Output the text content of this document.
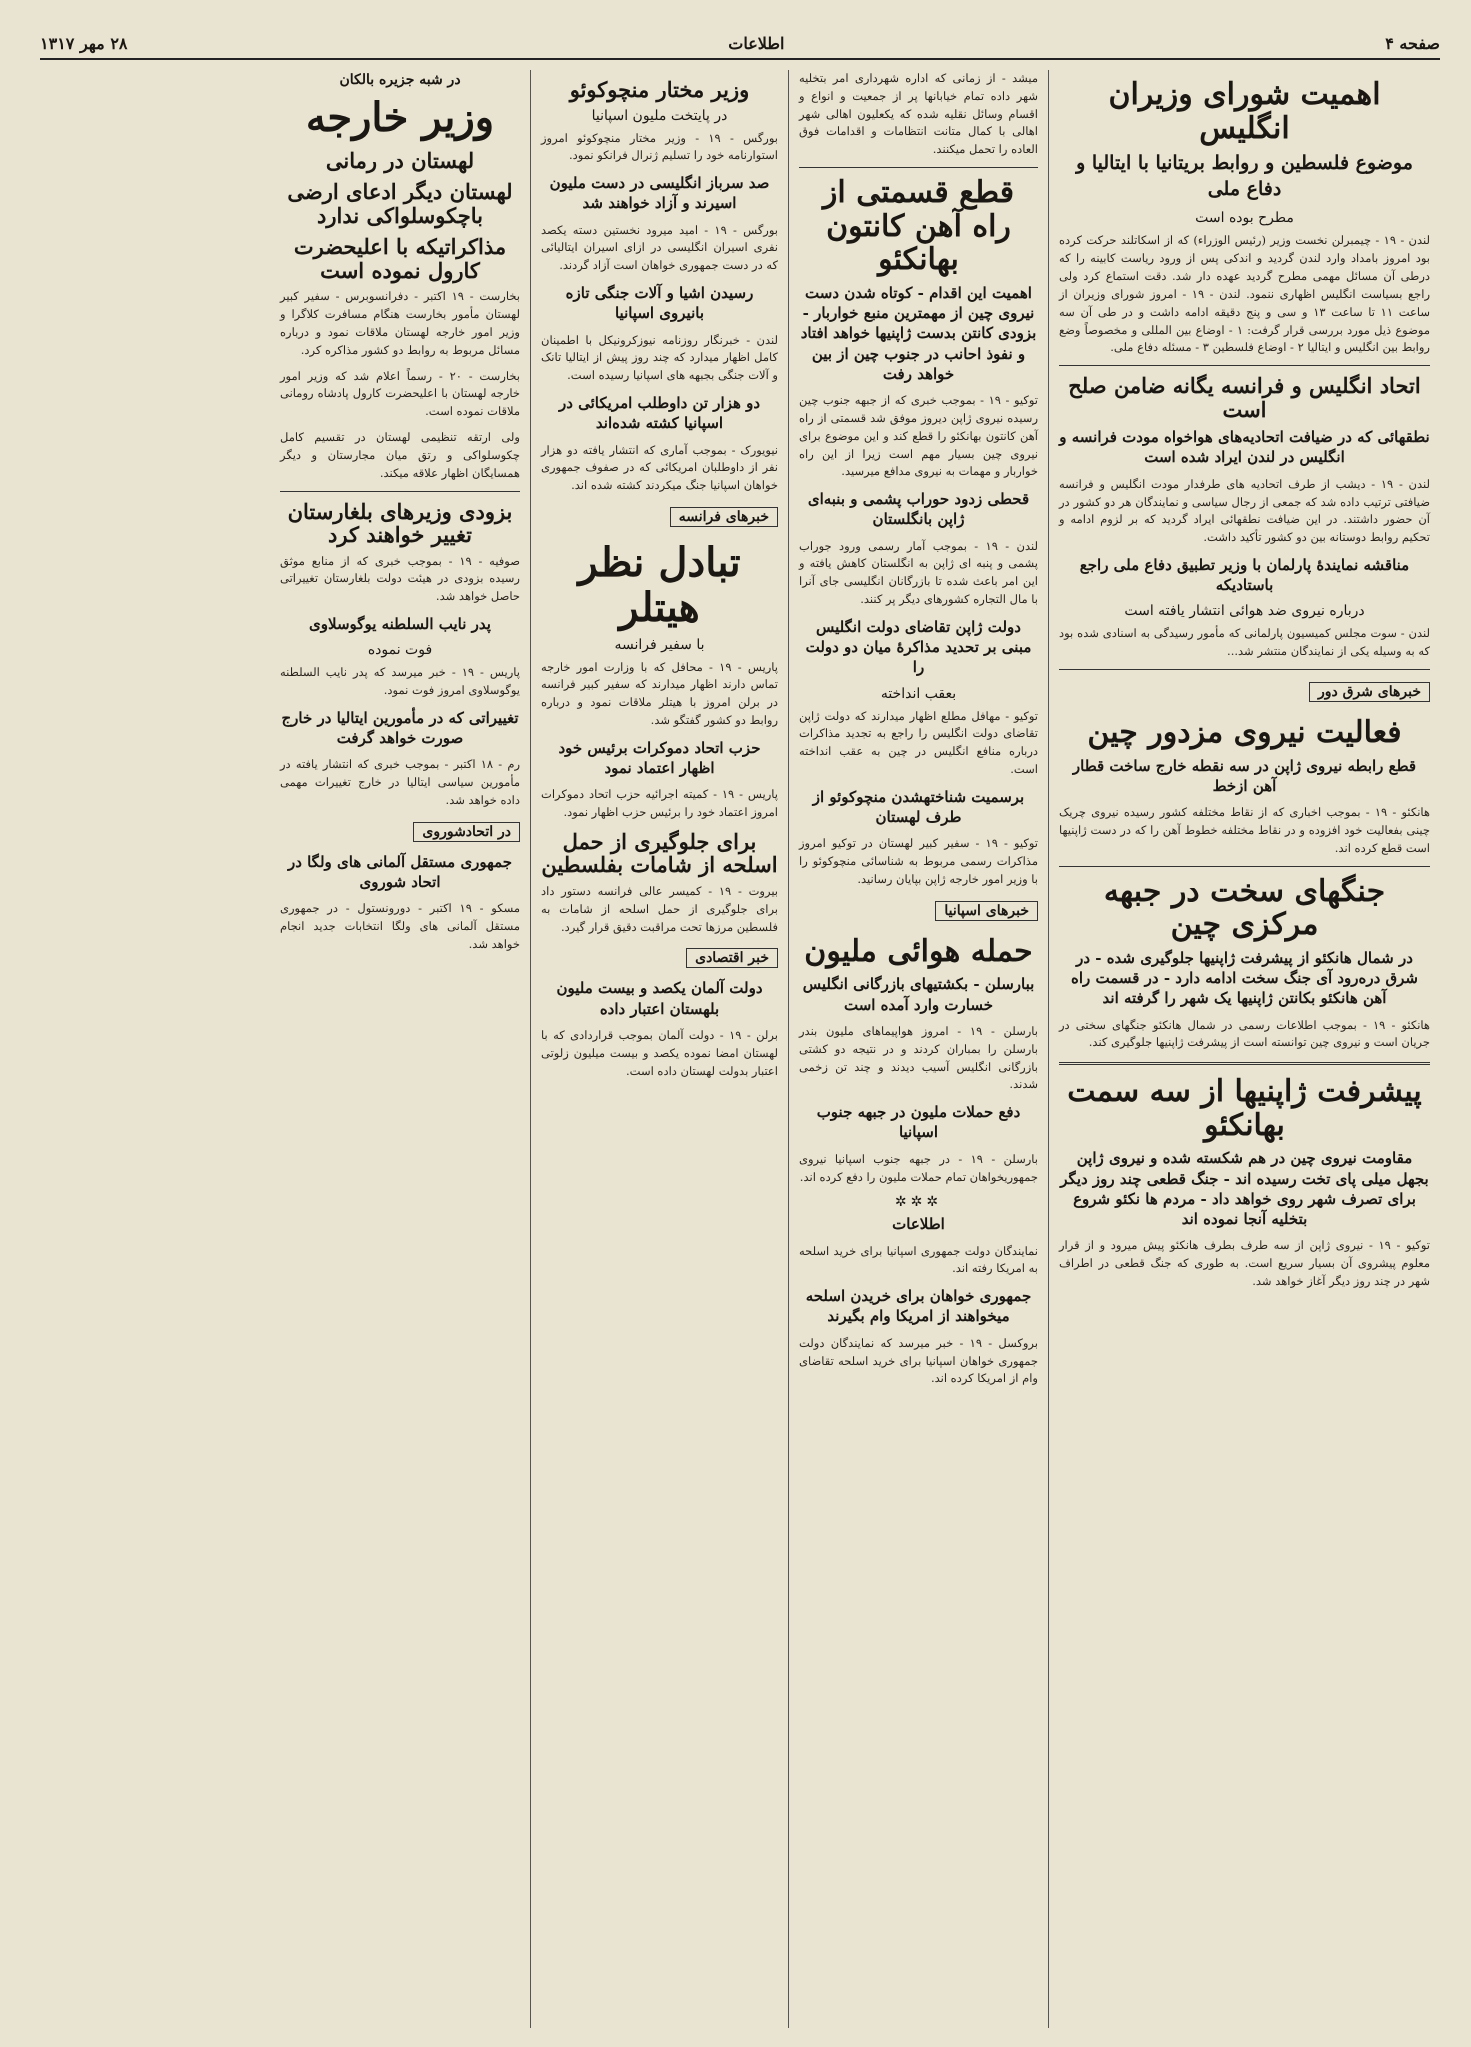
صفحه ۴
اطلاعات
۲۸ مهر ۱۳۱۷
اهمیت شورای وزیران انگلیس
موضوع فلسطین و روابط بریتانیا با ایتالیا و دفاع ملی
مطرح بوده است

لندن - ۱۹ - چیمبرلن نخست وزیر (رئیس الوزراء) که از اسکاتلند حرکت کرده بود امروز بامداد وارد لندن گردید و اندکی پس از ورود ریاست کابینه را که درطی آن مسائل مهمی مطرح گردید عهده دار شد. دقت استماع کرد ولی راجع بسیاست انگلیس اظهاری ننمود. لندن - ۱۹ - امروز شورای وزیران از ساعت ۱۱ تا ساعت ۱۳ و سی و پنج دقیقه ادامه داشت و در طی آن سه موضوع ذیل مورد بررسی قرار گرفت: ۱ - اوضاع بین المللی و مخصوصاً وضع روابط بین انگلیس و ایتالیا ۲ - اوضاع فلسطین ۳ - مسئله دفاع ملی.

اتحاد انگلیس و فرانسه یگانه ضامن صلح است
نطقهائی که در ضیافت اتحادیه‌های هواخواه مودت فرانسه و انگلیس در لندن ایراد شده است

لندن - ۱۹ - دیشب از طرف اتحادیه های طرفدار مودت انگلیس و فرانسه ضیافتی ترتیب داده شد که جمعی از رجال سیاسی و نمایندگان هر دو کشور در آن حضور داشتند. در این ضیافت نطقهائی ایراد گردید که بر لزوم ادامه و تحکیم روابط دوستانه بین دو کشور تأکید داشت.

مناقشه نمایندهٔ پارلمان با وزیر تطبیق دفاع ملی راجع باستادیکه
درباره نیروی ضد هوائی انتشار یافته است

لندن - سوت مجلس کمیسیون پارلمانی که مأمور رسیدگی به اسنادی شده بود که به وسیله یکی از نمایندگان منتشر شد...

خبرهای شرق دور
فعالیت نیروی مزدور چین
قطع رابطه نیروی ژاپن در سه نقطه خارج ساخت قطار آهن ازخط

هانکئو - ۱۹ - بموجب اخباری که از نقاط مختلفه کشور رسیده نیروی چریک چینی بفعالیت خود افزوده و در نقاط مختلفه خطوط آهن را که در دست ژاپنیها است قطع کرده اند.

جنگهای سخت در جبهه مرکزی چین
در شمال هانکئو از پیشرفت ژاپنیها جلوگیری شده - در شرق دره‌رود آی جنگ سخت ادامه دارد - در قسمت راه آهن هانکئو بکانتن ژاپنیها یک شهر را گرفته اند

هانکئو - ۱۹ - بموجب اطلاعات رسمی در شمال هانکئو جنگهای سختی در جریان است و نیروی چین توانسته است از پیشرفت ژاپنیها جلوگیری کند.

پیشرفت ژاپنیها از سه سمت بهانکئو
مقاومت نیروی چین در هم شکسته شده و نیروی ژاپن بجهل میلی پای تخت رسیده اند - جنگ قطعی چند روز دیگر برای تصرف شهر روی خواهد داد - مردم ها نکئو شروع بتخلیه آنجا نموده اند

توکیو - ۱۹ - نیروی ژاپن از سه طرف بطرف هانکئو پیش میرود و از قرار معلوم پیشروی آن بسیار سریع است. به طوری که جنگ قطعی در اطراف شهر در چند روز دیگر آغاز خواهد شد.

میشد - از زمانی که اداره شهرداری امر بتخلیه شهر داده تمام خیابانها پر از جمعیت و انواع و اقسام وسائل نقلیه شده که یکعلیون اهالی شهر اهالی با کمال متانت انتظامات و اقدامات فوق العاده را تحمل میکنند.

قطع قسمتی از راه آهن کانتون بهانکئو
اهمیت این اقدام - کوتاه شدن دست نیروی چین از مهمترین منبع خواربار - بزودی کانتن بدست ژاپنیها خواهد افتاد و نفوذ احانب در جنوب چین از بین خواهد رفت

توکیو - ۱۹ - بموجب خبری که از جبهه جنوب چین رسیده نیروی ژاپن دیروز موفق شد قسمتی از راه آهن کانتون بهانکئو را قطع کند و این موضوع برای نیروی چین بسیار مهم است زیرا از این راه خواربار و مهمات به نیروی مدافع میرسید.

قحطی زدود حوراب پشمی و بنبه‌ای ژاپن بانگلستان

لندن - ۱۹ - بموجب آمار رسمی ورود جوراب پشمی و پنبه ای ژاپن به انگلستان کاهش یافته و این امر باعث شده تا بازرگانان انگلیسی جای آنرا با مال التجاره کشورهای دیگر پر کنند.

دولت ژاپن تقاضای دولت انگلیس مبنی بر تحدید مذاکرهٔ میان دو دولت را
بعقب انداخته

توکیو - مهافل مطلع اظهار میدارند که دولت ژاپن تقاضای دولت انگلیس را راجع به تجدید مذاکرات درباره منافع انگلیس در چین به عقب انداخته است.

برسمیت شناختهشدن منچوکوئو از طرف لهستان

توکیو - ۱۹ - سفیر کبیر لهستان در توکیو امروز مذاکرات رسمی مربوط به شناسائی منچوکوئو را با وزیر امور خارجه ژاپن بپایان رسانید.

خبرهای اسپانیا
حمله هوائی ملیون
ببارسلن - بکشتیهای بازرگانی انگلیس خسارت وارد آمده است

بارسلن - ۱۹ - امروز هواپیماهای ملیون بندر بارسلن را بمباران کردند و در نتیجه دو کشتی بازرگانی انگلیس آسیب دیدند و چند تن زخمی شدند.

دفع حملات ملیون در جبهه جنوب اسپانیا

بارسلن - ۱۹ - در جبهه جنوب اسپانیا نیروی جمهوریخواهان تمام حملات ملیون را دفع کرده اند.

✲✲✲
اطلاعات

نمایندگان دولت جمهوری اسپانیا برای خرید اسلحه به امریکا رفته اند.

جمهوری خواهان برای خریدن اسلحه میخواهند از امریکا وام بگیرند

بروکسل - ۱۹ - خبر میرسد که نمایندگان دولت جمهوری خواهان اسپانیا برای خرید اسلحه تقاضای وام از امریکا کرده اند.

وزیر مختار منچوکوئو
در پایتخت ملیون اسپانیا

بورگس - ۱۹ - وزیر مختار منچوکوئو امروز استوارنامه خود را تسلیم ژنرال فرانکو نمود.

صد سرباز انگلیسی در دست ملیون اسیرند و آزاد خواهند شد

بورگس - ۱۹ - امید میرود نخستین دسته یکصد نفری اسیران انگلیسی در ازای اسیران ایتالیائی که در دست جمهوری خواهان است آزاد گردند.

رسیدن اشیا و آلات جنگی تازه بانیروی اسپانیا

لندن - خبرنگار روزنامه نیوزکرونیکل با اطمینان کامل اظهار میدارد که چند روز پیش از ایتالیا تانک و آلات جنگی بجبهه های اسپانیا رسیده است.

دو هزار تن داوطلب امریکائی در اسپانیا کشته شده‌اند

نیویورک - بموجب آماری که انتشار یافته دو هزار نفر از داوطلبان امریکائی که در صفوف جمهوری خواهان اسپانیا جنگ میکردند کشته شده اند.

خبرهای فرانسه
تبادل نظر هیتلر
با سفیر فرانسه

پاریس - ۱۹ - محافل که با وزارت امور خارجه تماس دارند اظهار میدارند که سفیر کبیر فرانسه در برلن امروز با هیتلر ملاقات نمود و درباره روابط دو کشور گفتگو شد.

حزب اتحاد دموکرات برئیس خود اظهار اعتماد نمود

پاریس - ۱۹ - کمیته اجرائیه حزب اتحاد دموکرات امروز اعتماد خود را برئیس حزب اظهار نمود.

برای جلوگیری از حمل اسلحه‌ از شامات بفلسطین

بیروت - ۱۹ - کمیسر عالی فرانسه دستور داد برای جلوگیری از حمل اسلحه از شامات به فلسطین مرزها تحت مراقبت دقیق قرار گیرد.

خبر اقتصادی
دولت آلمان یکصد و بیست ملیون بلهستان اعتبار داده

برلن - ۱۹ - دولت آلمان بموجب قراردادی که با لهستان امضا نموده یکصد و بیست میلیون زلوتی اعتبار بدولت لهستان داده است.

در شبه جزیره بالکان
وزیر خارجه
لهستان در رمانی
لهستان دیگر ادعای ارضی باچکوسلواکی ندارد
مذاکراتیکه با اعلیحضرت کارول نموده است

بخارست - ۱۹ اکتبر - دفرانسوبرس - سفیر کبیر لهستان مأمور بخارست هنگام مسافرت کلاگرا و وزیر امور خارجه لهستان ملاقات نمود و درباره مسائل مربوط به روابط دو کشور مذاکره کرد.

بخارست - ۲۰ - رسماً اعلام شد که وزیر امور خارجه لهستان با اعلیحضرت کارول پادشاه رومانی ملاقات نموده است.

ولی ارتقه تنظیمی لهستان در تقسیم کامل چکوسلواکی و رتق میان مجارستان و دیگر همسایگان اظهار علاقه میکند.

بزودی وزیرهای بلغارستان تغییر خواهند کرد

صوفیه - ۱۹ - بموجب خبری که از منابع موثق رسیده بزودی در هیئت دولت بلغارستان تغییراتی حاصل خواهد شد.

پدر نایب السلطنه یوگوسلاوی
فوت نموده

پاریس - ۱۹ - خبر میرسد که پدر نایب السلطنه یوگوسلاوی امروز فوت نمود.

تغییراتی که در مأمورین ایتالیا در خارج صورت خواهد گرفت

رم - ۱۸ اکتبر - بموجب خبری که انتشار یافته در مأمورین سیاسی ایتالیا در خارج تغییرات مهمی داده خواهد شد.

در اتحادشوروی
جمهوری مستقل آلمانی های ولگا در اتحاد شوروی

مسکو - ۱۹ اکتبر - دورونستول - در جمهوری مستقل آلمانی های ولگا انتخابات جدید انجام خواهد شد.
